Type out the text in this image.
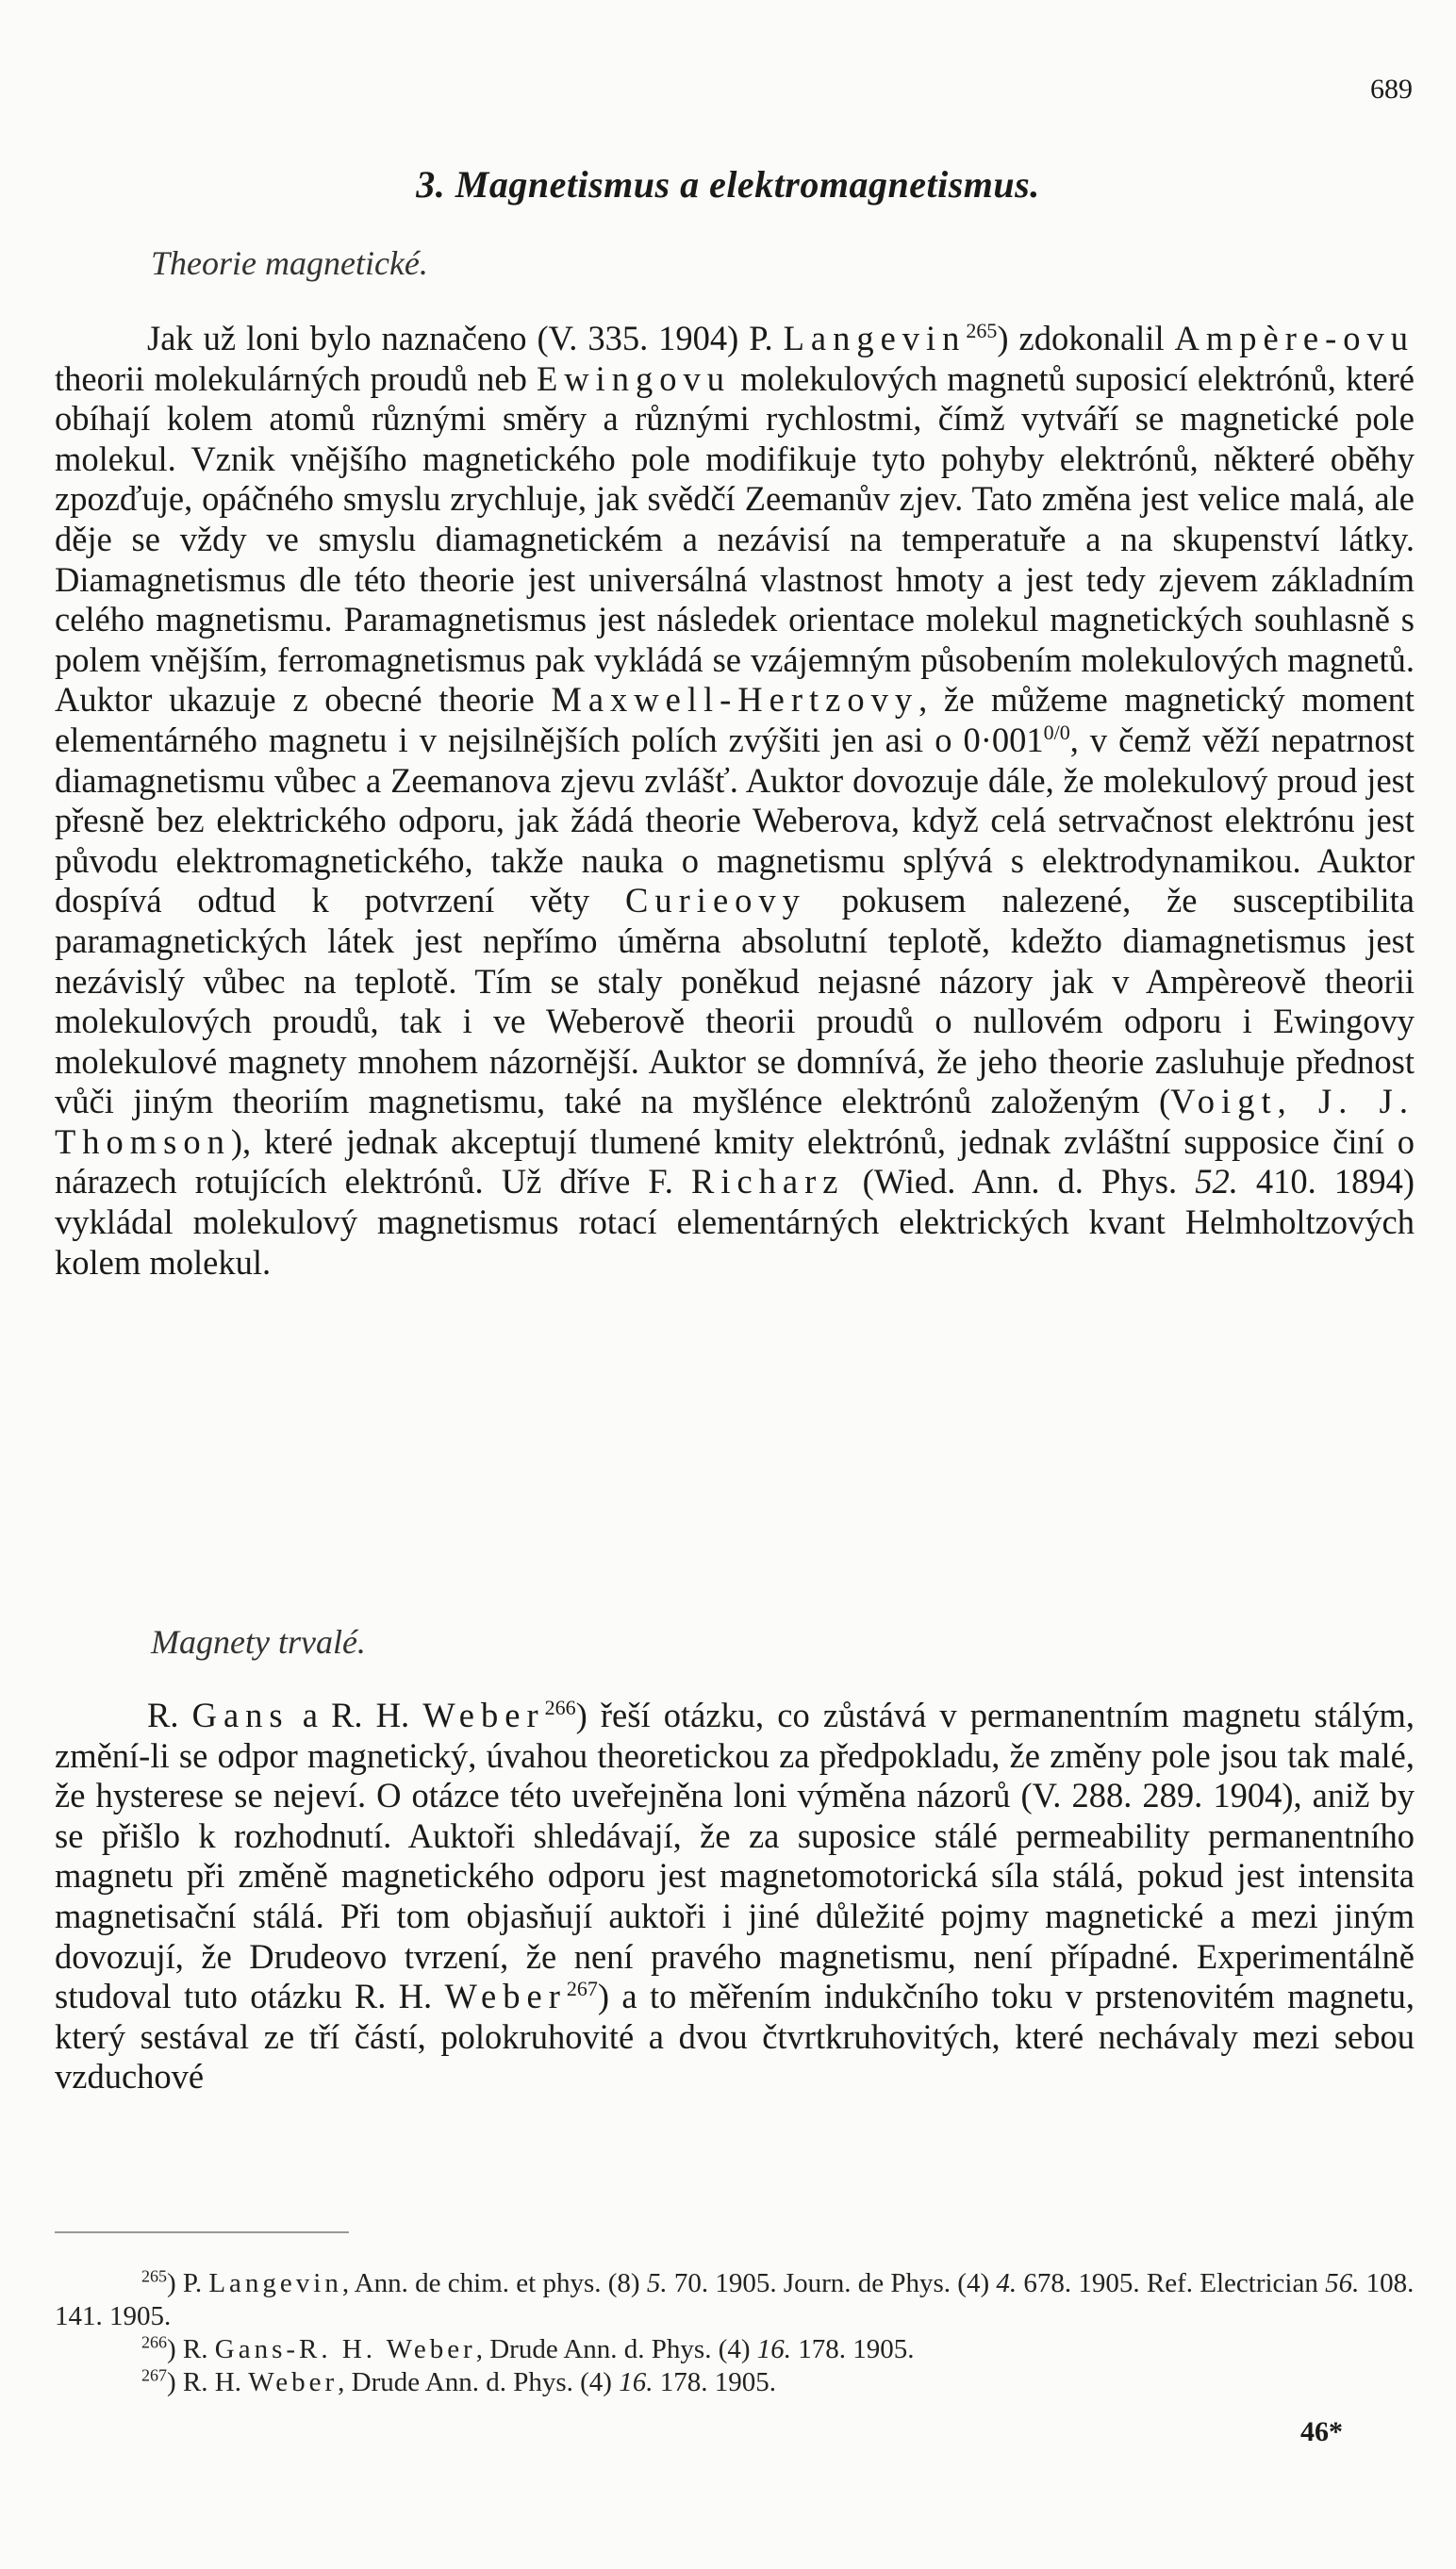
689
3. Magnetismus a elektromagnetismus.
Theorie magnetické.

Jak už loni bylo naznačeno (V. 335. 1904) P. Langevin$^{265}$) zdokonalil Ampère-ovu theorii molekulárných proudů neb Ewingovu molekulových magnetů suposicí elektrónů, které obíhají kolem atomů různými směry a různými rychlostmi, čímž vytváří se magnetické pole molekul. Vznik vnějšího magnetického pole modifikuje tyto pohyby elektrónů, některé oběhy zpozďuje, opáčného smyslu zrychluje, jak svědčí Zeemanův zjev. Tato změna jest velice malá, ale děje se vždy ve smyslu diamagnetickém a nezávisí na temperatuře a na skupenství látky. Diamagnetismus dle této theorie jest universálná vlastnost hmoty a jest tedy zjevem základním celého magnetismu. Paramagnetismus jest následek orientace molekul magnetických souhlasně s polem vnějším, ferromagnetismus pak vykládá se vzájemným působením molekulových magnetů. Auktor ukazuje z obecné theorie Maxwell-Hertzovy, že můžeme magnetický moment elementárného magnetu i v nejsilnějších polích zvýšiti jen asi o $0\cdot 001^{0/0}$, v čemž věží nepatrnost diamagnetismu vůbec a Zeemanova zjevu zvlášť. Auktor dovozuje dále, že molekulový proud jest přesně bez elektrického odporu, jak žádá theorie Weberova, když celá setrvačnost elektrónu jest původu elektromagnetického, takže nauka o magnetismu splývá s elektrodynamikou. Auktor dospívá odtud k potvrzení věty Curieovy pokusem nalezené, že susceptibilita paramagnetických látek jest nepřímo úměrna absolutní teplotě, kdežto diamagnetismus jest nezávislý vůbec na teplotě. Tím se staly poněkud nejasné názory jak v Ampèreově theorii molekulových proudů, tak i ve Weberově theorii proudů o nullovém odporu i Ewingovy molekulové magnety mnohem názornější. Auktor se domnívá, že jeho theorie zasluhuje přednost vůči jiným theoriím magnetismu, také na myšlénce elektrónů založeným (Voigt, J. J. Thomson), které jednak akceptují tlumené kmity elektrónů, jednak zvláštní supposice činí o nárazech rotujících elektrónů. Už dříve F. Richarz (Wied. Ann. d. Phys. 52. 410. 1894) vykládal molekulový magnetismus rotací elementárných elektrických kvant Helmholtzových kolem molekul.

Magnety trvalé.

R. Gans a R. H. Weber$^{266}$) řeší otázku, co zůstává v permanentním magnetu stálým, změní-li se odpor magnetický, úvahou theoretickou za předpokladu, že změny pole jsou tak malé, že hysterese se nejeví. O otázce této uveřejněna loni výměna názorů (V. 288. 289. 1904), aniž by se přišlo k rozhodnutí. Auktoři shledávají, že za suposice stálé permeability permanentního magnetu při změně magnetického odporu jest magnetomotorická síla stálá, pokud jest intensita magnetisační stálá. Při tom objasňují auktoři i jiné důležité pojmy magnetické a mezi jiným dovozují, že Drudeovo tvrzení, že není pravého magnetismu, není případné. Experimentálně studoval tuto otázku R. H. Weber$^{267}$) a to měřením indukčního toku v prstenovitém magnetu, který sestával ze tří částí, polokruhovité a dvou čtvrtkruhovitých, které nechávaly mezi sebou vzduchové

$^{265}$) P. Langevin, Ann. de chim. et phys. (8) 5. 70. 1905. Journ. de Phys. (4) 4. 678. 1905. Ref. Electrician 56. 108. 141. 1905.

$^{266}$) R. Gans-R. H. Weber, Drude Ann. d. Phys. (4) 16. 178. 1905.

$^{267}$) R. H. Weber, Drude Ann. d. Phys. (4) 16. 178. 1905.

46*
